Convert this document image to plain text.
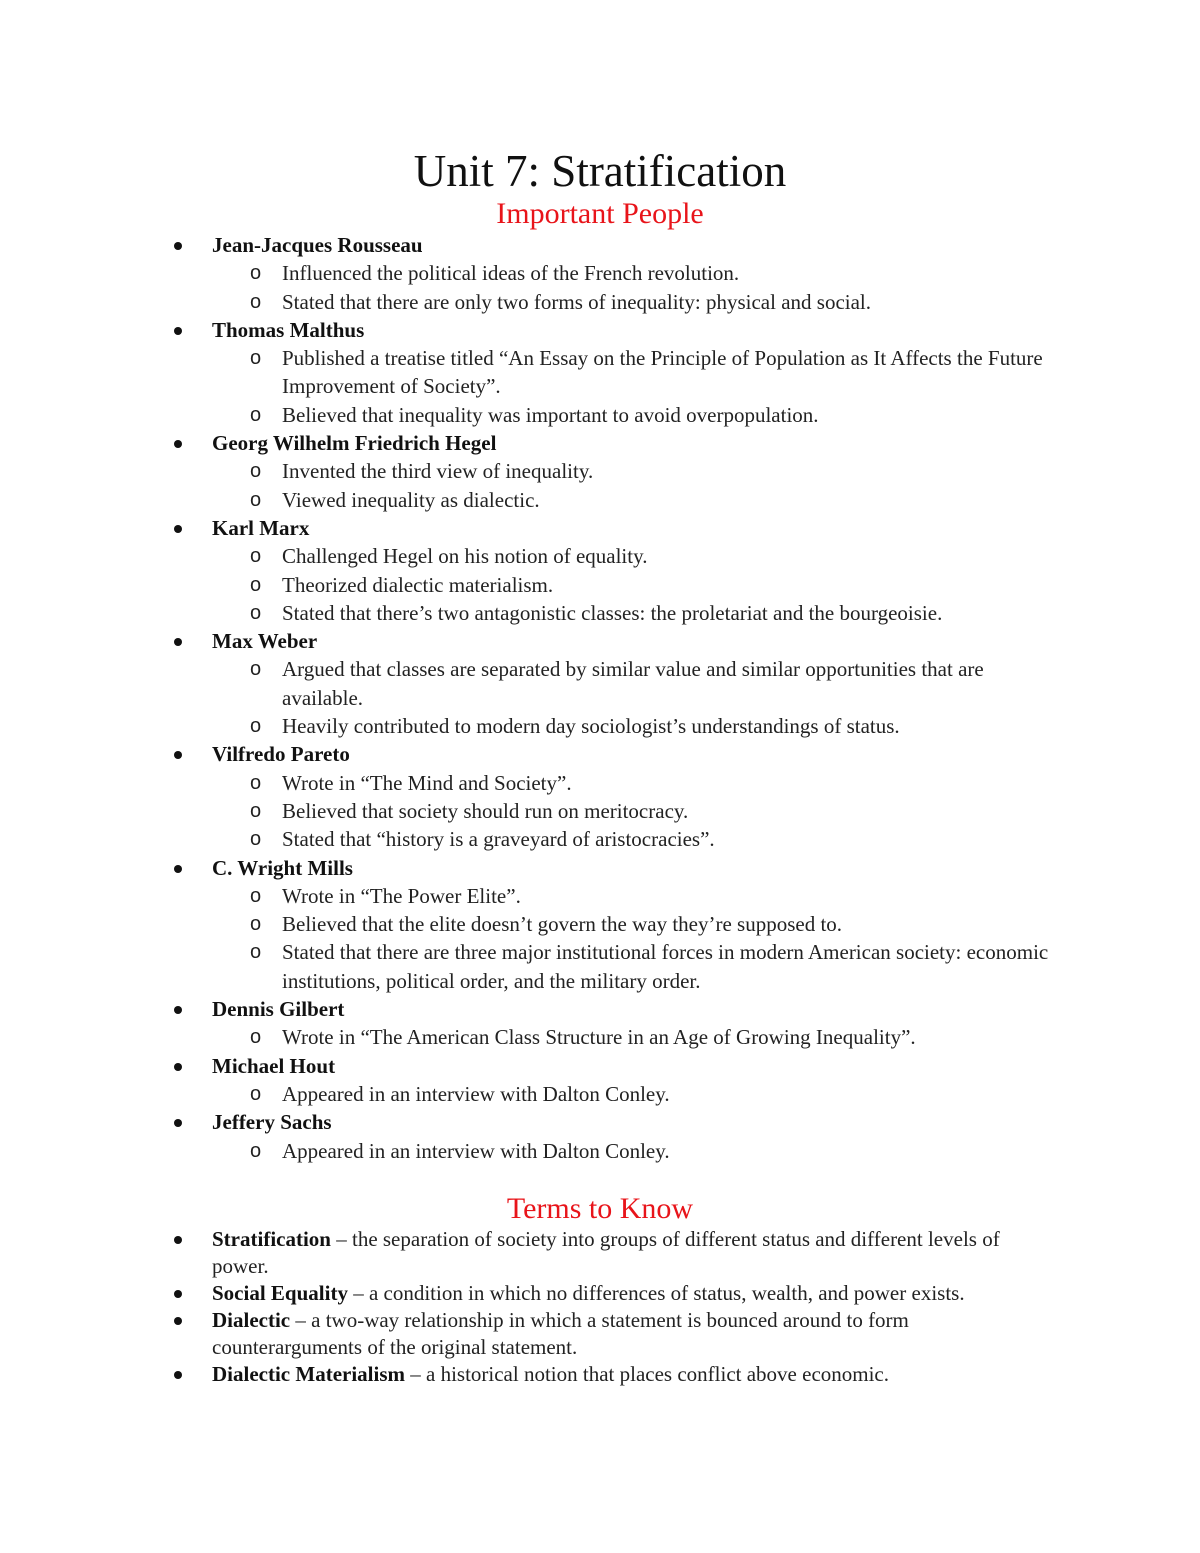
Unit 7: Stratification
Important People
Jean-Jacques Rousseau
o Influenced the political ideas of the French revolution.
o Stated that there are only two forms of inequality: physical and social.
Thomas Malthus
o Published a treatise titled “An Essay on the Principle of Population as It Affects the Future Improvement of Society”.
o Believed that inequality was important to avoid overpopulation.
Georg Wilhelm Friedrich Hegel
o Invented the third view of inequality.
o Viewed inequality as dialectic.
Karl Marx
o Challenged Hegel on his notion of equality.
o Theorized dialectic materialism.
o Stated that there’s two antagonistic classes: the proletariat and the bourgeoisie.
Max Weber
o Argued that classes are separated by similar value and similar opportunities that are available.
o Heavily contributed to modern day sociologist’s understandings of status.
Vilfredo Pareto
o Wrote in “The Mind and Society”.
o Believed that society should run on meritocracy.
o Stated that “history is a graveyard of aristocracies”.
C. Wright Mills
o Wrote in “The Power Elite”.
o Believed that the elite doesn’t govern the way they’re supposed to.
o Stated that there are three major institutional forces in modern American society: economic institutions, political order, and the military order.
Dennis Gilbert
o Wrote in “The American Class Structure in an Age of Growing Inequality”.
Michael Hout
o Appeared in an interview with Dalton Conley.
Jeffery Sachs
o Appeared in an interview with Dalton Conley.
Terms to Know
Stratification – the separation of society into groups of different status and different levels of power.
Social Equality – a condition in which no differences of status, wealth, and power exists.
Dialectic – a two-way relationship in which a statement is bounced around to form counterarguments of the original statement.
Dialectic Materialism – a historical notion that places conflict above economic.
